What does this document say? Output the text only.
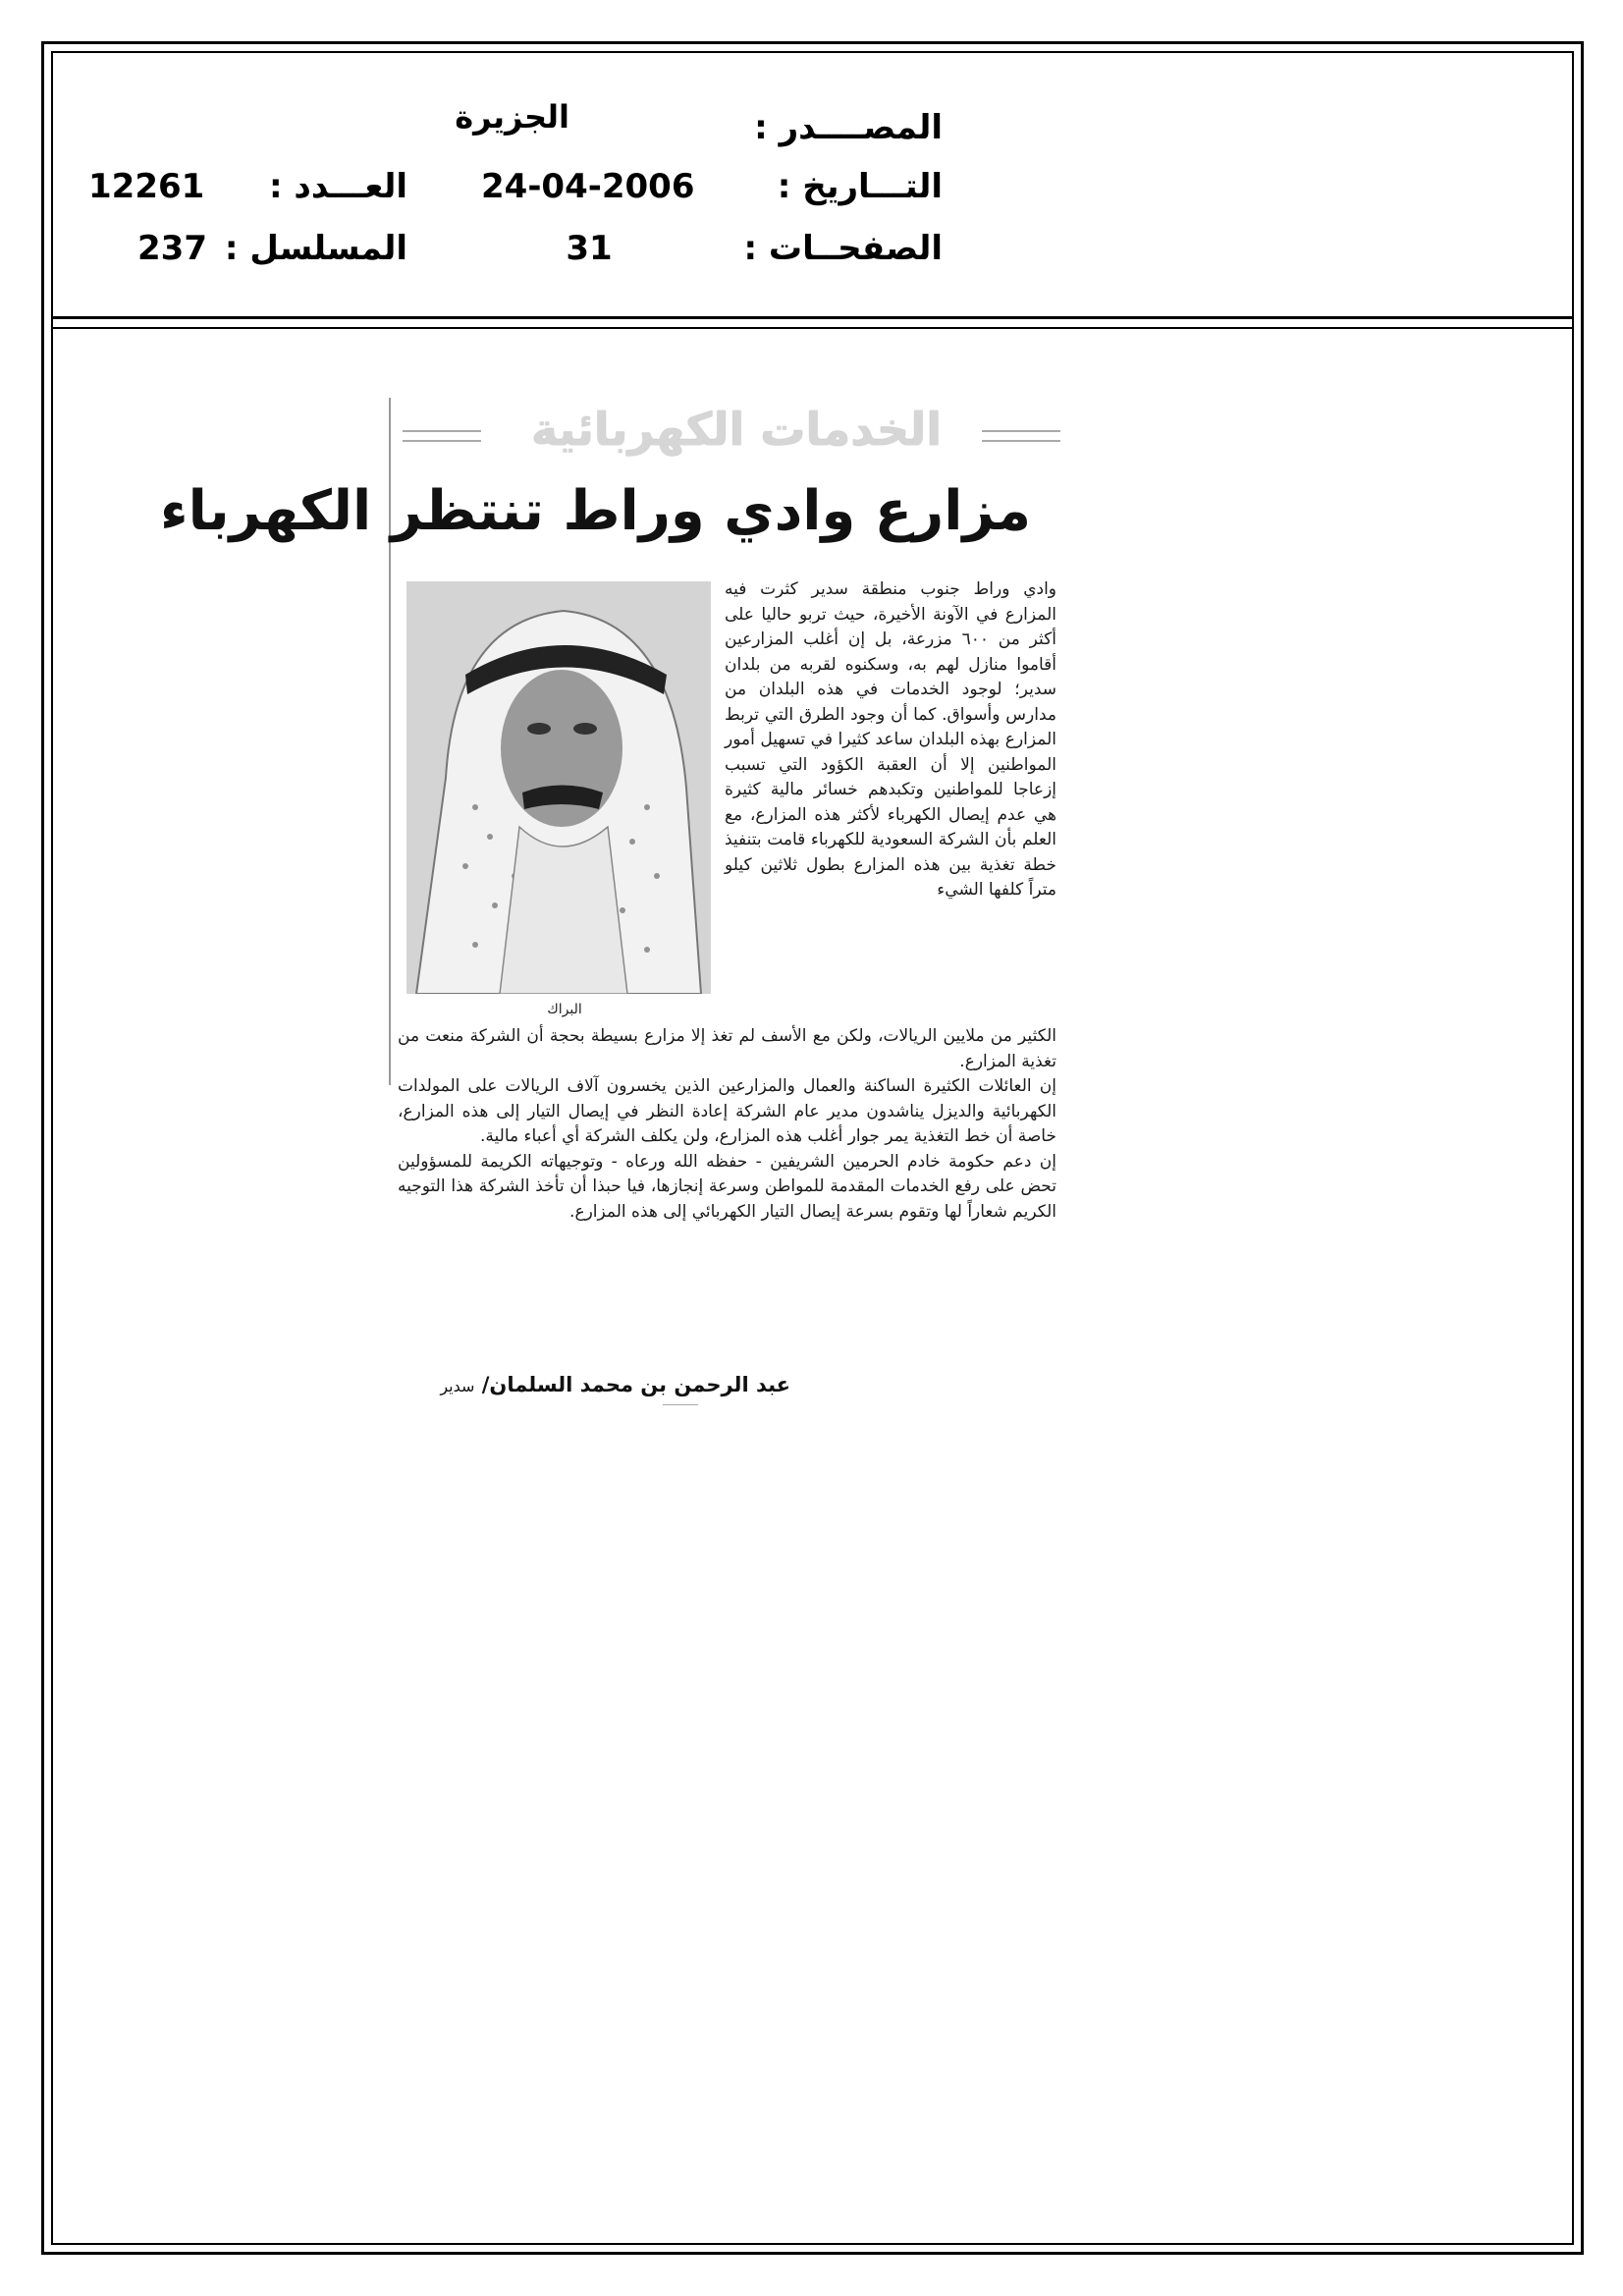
الجزيرة	المصــــدر :
24-04-2006 التـــاريخ :
31	الصفحــات :
12261	العـــدد :
237 المسلسل :
الخدمات الكهربائية
مزارع وادي وراط تنتظر الكهرباء
البراك

وادي وراط جنوب منطقة سدير كثرت فيه المزارع في الآونة الأخيرة، حيث تربو حاليا على أكثر من ٦٠٠ مزرعة، بل إن أغلب المزارعين أقاموا منازل لهم به، وسكنوه لقربه من بلدان سدير؛ لوجود الخدمات في هذه البلدان من مدارس وأسواق. كما أن وجود الطرق التي تربط المزارع بهذه البلدان ساعد كثيرا في تسهيل أمور المواطنين إلا أن العقبة الكؤود التي تسبب إزعاجا للمواطنين وتكبدهم خسائر مالية كثيرة هي عدم إيصال الكهرباء لأكثر هذه المزارع، مع العلم بأن الشركة السعودية للكهرباء قامت بتنفيذ خطة تغذية بين هذه المزارع بطول ثلاثين كيلو متراً كلفها الشيء

الكثير من ملايين الريالات، ولكن مع الأسف لم تغذ إلا مزارع بسيطة بحجة أن الشركة منعت من تغذية المزارع.

إن العائلات الكثيرة الساكنة والعمال والمزارعين الذين يخسرون آلاف الريالات على المولدات الكهربائية والديزل يناشدون مدير عام الشركة إعادة النظر في إيصال التيار إلى هذه المزارع، خاصة أن خط التغذية يمر جوار أغلب هذه المزارع، ولن يكلف الشركة أي أعباء مالية.

إن دعم حكومة خادم الحرمين الشريفين - حفظه الله ورعاه - وتوجيهاته الكريمة للمسؤولين تحض على رفع الخدمات المقدمة للمواطن وسرعة إنجازها، فيا حبذا أن تأخذ الشركة هذا التوجيه الكريم شعاراً لها وتقوم بسرعة إيصال التيار الكهربائي إلى هذه المزارع.

عبد الرحمن بن محمد السلمان/ سدير
